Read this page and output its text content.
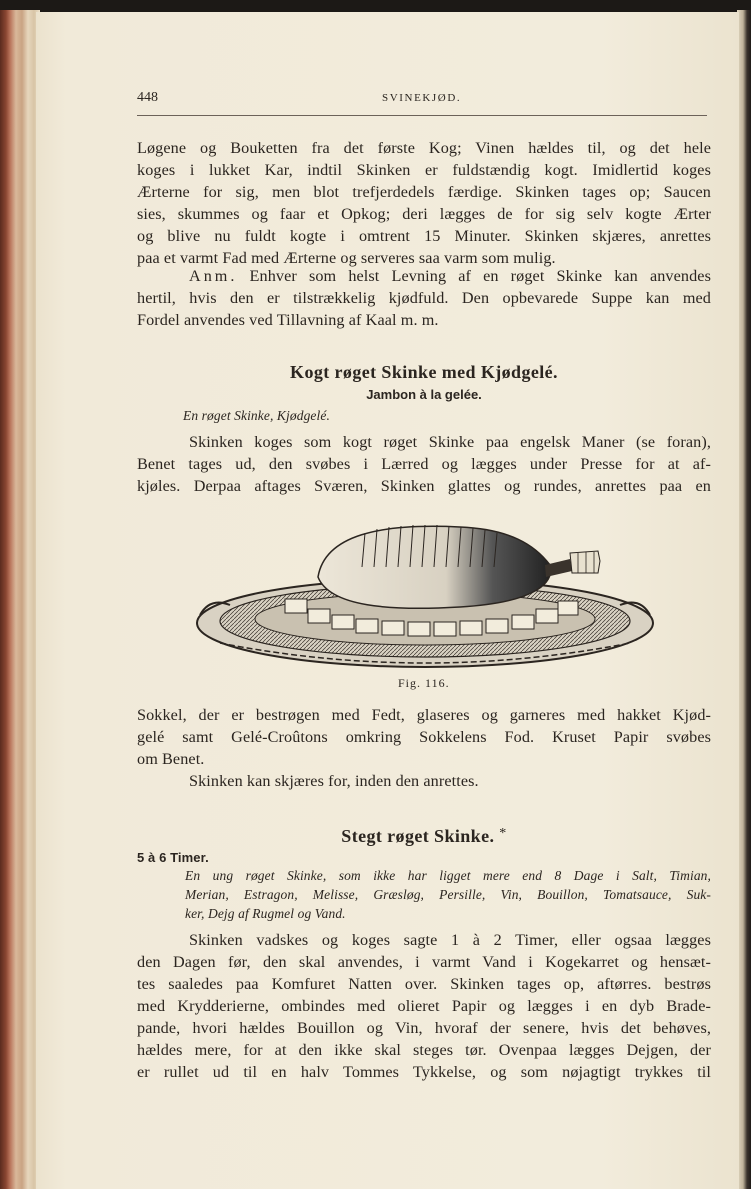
448	SVINEKJØD.
Løgene og Bouketten fra det første Kog; Vinen hældes til, og det hele
koges i lukket Kar, indtil Skinken er fuldstændig kogt. Imidlertid koges
Ærterne for sig, men blot trefjerdedels færdige. Skinken tages op; Saucen
sies, skummes og faar et Opkog; deri lægges de for sig selv kogte Ærter
og blive nu fuldt kogte i omtrent 15 Minuter. Skinken skjæres, anrettes
paa et varmt Fad med Ærterne og serveres saa varm som mulig.
Anm. Enhver som helst Levning af en røget Skinke kan anvendes
hertil, hvis den er tilstrækkelig kjødfuld. Den opbevarede Suppe kan med
Fordel anvendes ved Tillavning af Kaal m. m.
Kogt røget Skinke med Kjødgelé.
Jambon à la gelée.
En røget Skinke, Kjødgelé.
Skinken koges som kogt røget Skinke paa engelsk Maner (se foran),
Benet tages ud, den svøbes i Lærred og lægges under Presse for at af-
kjøles. Derpaa aftages Sværen, Skinken glattes og rundes, anrettes paa en
Fig. 116.
Sokkel, der er bestrøgen med Fedt, glaseres og garneres med hakket Kjød-
gelé samt Gelé-Croûtons omkring Sokkelens Fod. Kruset Papir svøbes
om Benet.
Skinken kan skjæres for, inden den anrettes.
Stegt røget Skinke. *
5 à 6 Timer.
En ung røget Skinke, som ikke har ligget mere end 8 Dage i Salt, Timian,
Merian, Estragon, Melisse, Græsløg, Persille, Vin, Bouillon, Tomatsauce, Suk-
ker, Dejg af Rugmel og Vand.
Skinken vadskes og koges sagte 1 à 2 Timer, eller ogsaa lægges
den Dagen før, den skal anvendes, i varmt Vand i Kogekarret og hensæt-
tes saaledes paa Komfuret Natten over. Skinken tages op, aftørres. bestrøs
med Krydderierne, ombindes med olieret Papir og lægges i en dyb Brade-
pande, hvori hældes Bouillon og Vin, hvoraf der senere, hvis det behøves,
hældes mere, for at den ikke skal steges tør. Ovenpaa lægges Dejgen, der
er rullet ud til en halv Tommes Tykkelse, og som nøjagtigt trykkes til
